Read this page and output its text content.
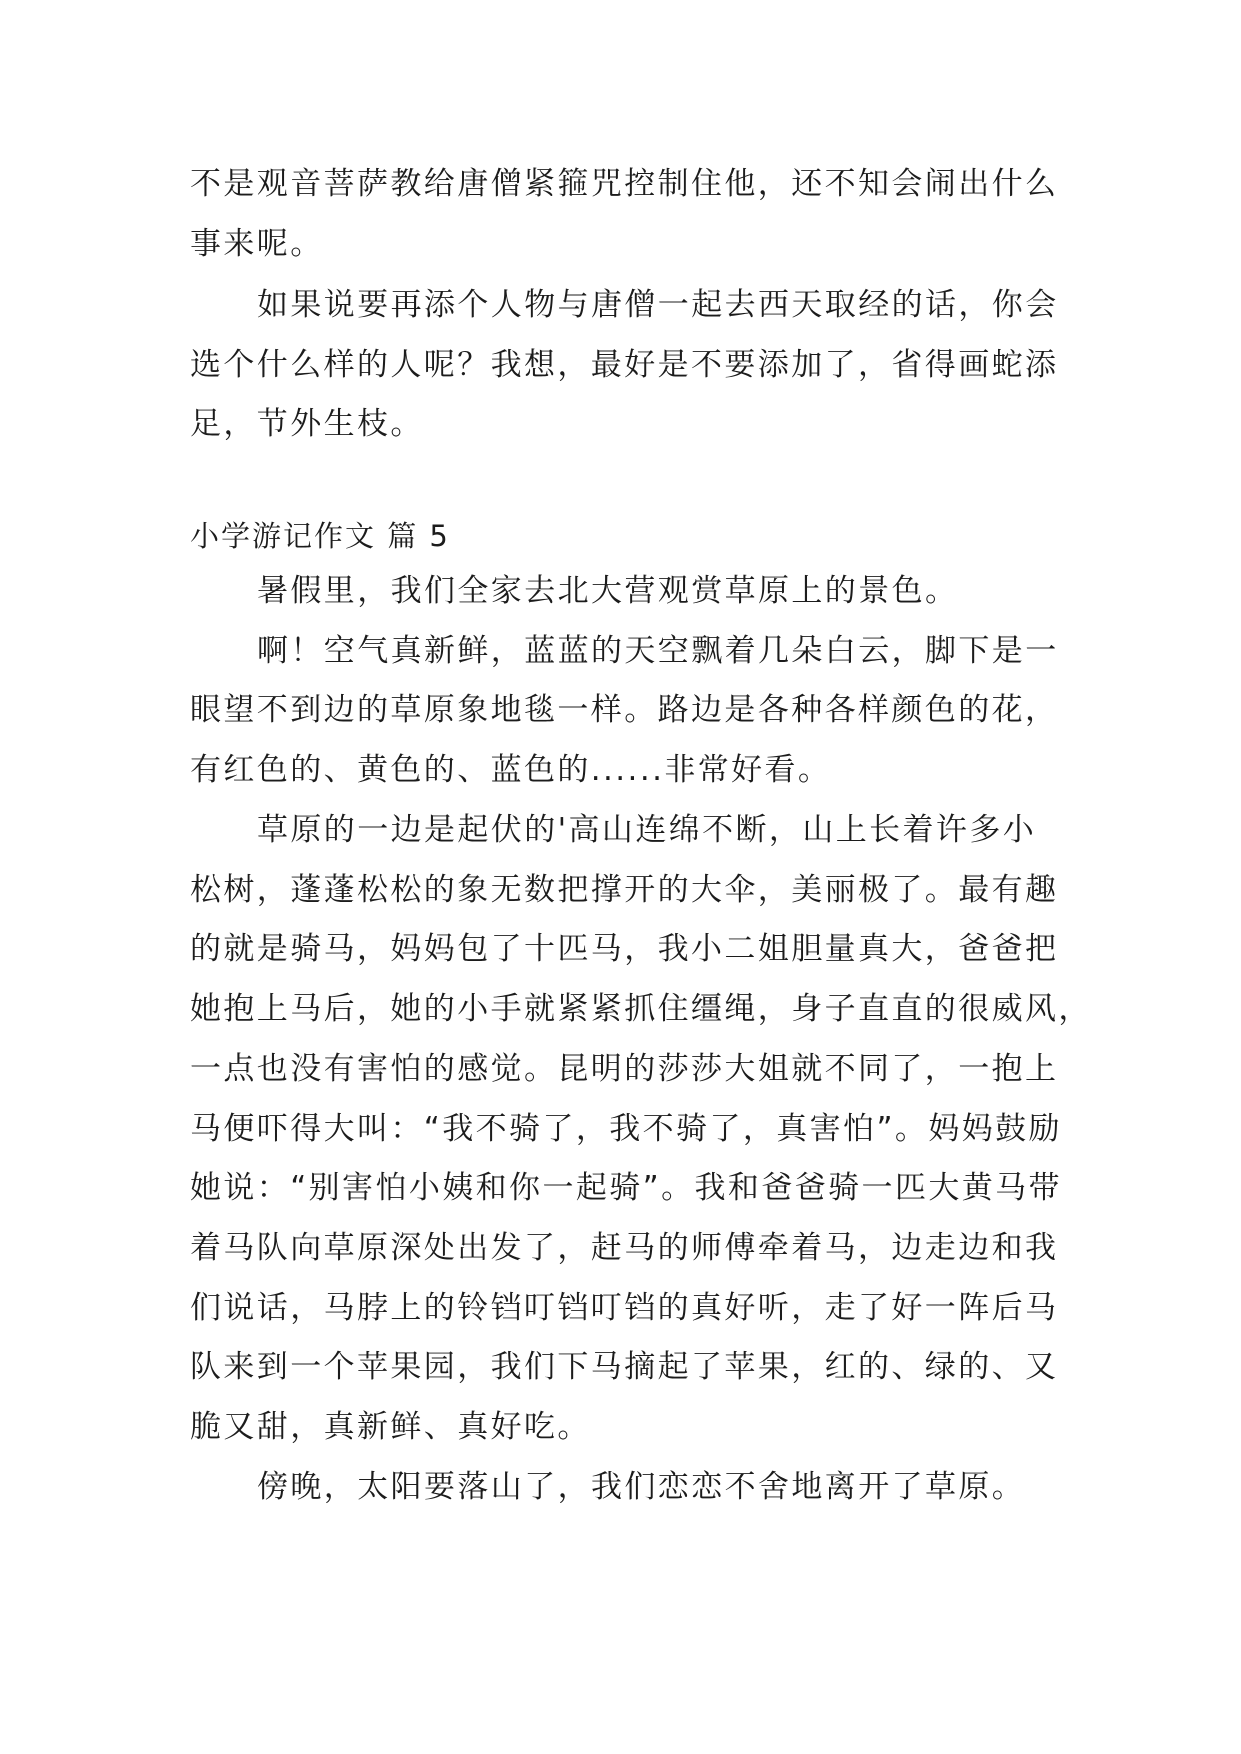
不是观音菩萨教给唐僧紧箍咒控制住他，还不知会闹出什么

事来呢。

如果说要再添个人物与唐僧一起去西天取经的话，你会

选个什么样的人呢？我想，最好是不要添加了，省得画蛇添

足，节外生枝。

小学游记作文 篇 5

暑假里，我们全家去北大营观赏草原上的景色。

啊！空气真新鲜，蓝蓝的天空飘着几朵白云，脚下是一

眼望不到边的草原象地毯一样。路边是各种各样颜色的花，

有红色的、黄色的、蓝色的......非常好看。

草原的一边是起伏的'高山连绵不断，山上长着许多小

松树，蓬蓬松松的象无数把撑开的大伞，美丽极了。最有趣

的就是骑马，妈妈包了十匹马，我小二姐胆量真大，爸爸把

她抱上马后，她的小手就紧紧抓住缰绳，身子直直的很威风，

一点也没有害怕的感觉。昆明的莎莎大姐就不同了，一抱上

马便吓得大叫：“我不骑了，我不骑了，真害怕”。妈妈鼓励

她说：“别害怕小姨和你一起骑”。我和爸爸骑一匹大黄马带

着马队向草原深处出发了，赶马的师傅牵着马，边走边和我

们说话，马脖上的铃铛叮铛叮铛的真好听，走了好一阵后马

队来到一个苹果园，我们下马摘起了苹果，红的、绿的、又

脆又甜，真新鲜、真好吃。

傍晚，太阳要落山了，我们恋恋不舍地离开了草原。
